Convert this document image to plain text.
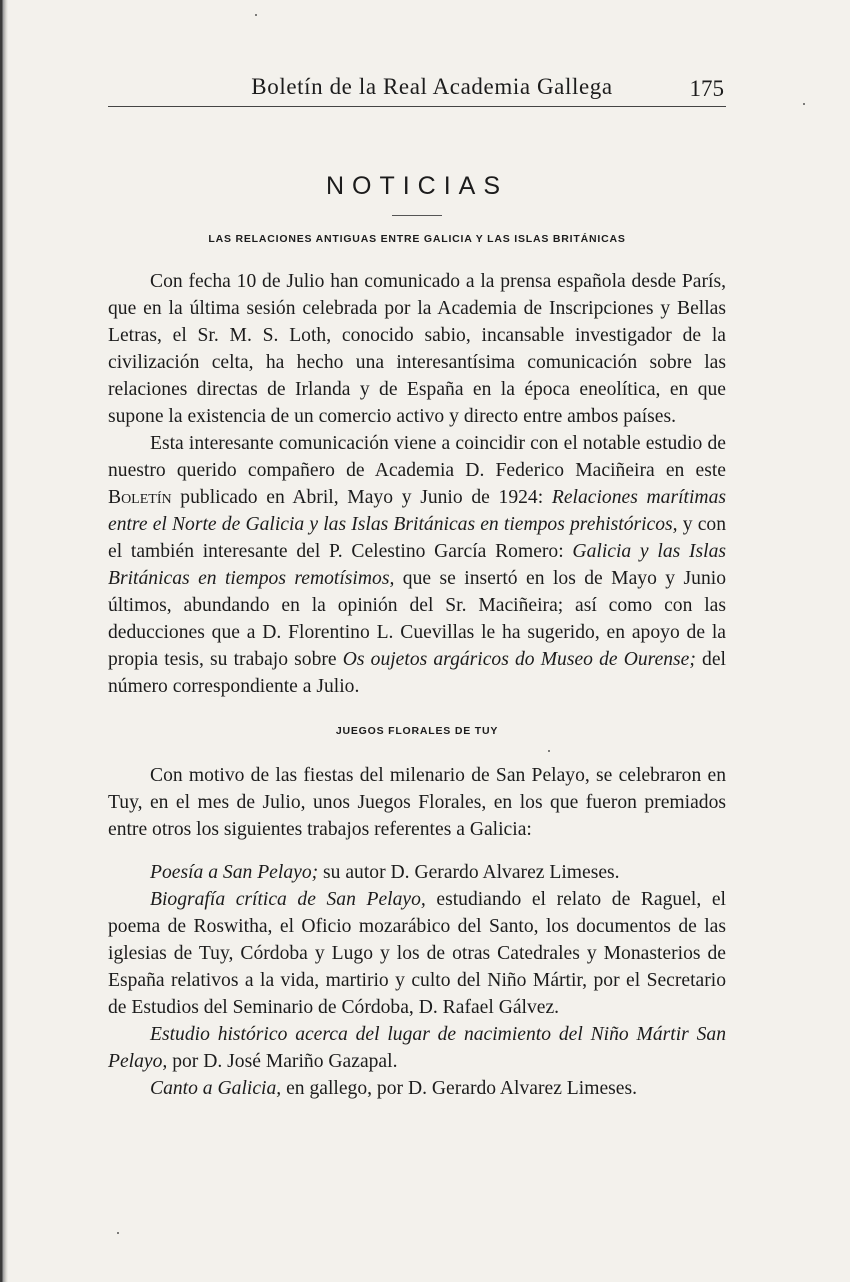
Boletín de la Real Academia Gallega	175
NOTICIAS
LAS RELACIONES ANTIGUAS ENTRE GALICIA Y LAS ISLAS BRITÁNICAS

Con fecha 10 de Julio han comunicado a la prensa española desde París, que en la última sesión celebrada por la Academia de Inscripciones y Bellas Letras, el Sr. M. S. Loth, conocido sabio, incansable investigador de la civilización celta, ha hecho una interesantísima comunicación sobre las relaciones directas de Irlanda y de España en la época eneolítica, en que supone la existencia de un comercio activo y directo entre ambos países.

Esta interesante comunicación viene a coincidir con el notable estudio de nuestro querido compañero de Academia D. Federico Maciñeira en este Boletín publicado en Abril, Mayo y Junio de 1924: Relaciones marítimas entre el Norte de Galicia y las Islas Británicas en tiempos prehistóricos, y con el también interesante del P. Celestino García Romero: Galicia y las Islas Británicas en tiempos remotísimos, que se insertó en los de Mayo y Junio últimos, abundando en la opinión del Sr. Maciñeira; así como con las deducciones que a D. Florentino L. Cuevillas le ha sugerido, en apoyo de la propia tesis, su trabajo sobre Os oujetos argáricos do Museo de Ourense; del número correspondiente a Julio.

JUEGOS FLORALES DE TUY

Con motivo de las fiestas del milenario de San Pelayo, se celebraron en Tuy, en el mes de Julio, unos Juegos Florales, en los que fueron premiados entre otros los siguientes trabajos referentes a Galicia:

Poesía a San Pelayo; su autor D. Gerardo Alvarez Limeses.

Biografía crítica de San Pelayo, estudiando el relato de Raguel, el poema de Roswitha, el Oficio mozarábico del Santo, los documentos de las iglesias de Tuy, Córdoba y Lugo y los de otras Catedrales y Monasterios de España relativos a la vida, martirio y culto del Niño Mártir, por el Secretario de Estudios del Seminario de Córdoba, D. Rafael Gálvez.

Estudio histórico acerca del lugar de nacimiento del Niño Mártir San Pelayo, por D. José Mariño Gazapal.

Canto a Galicia, en gallego, por D. Gerardo Alvarez Limeses.
